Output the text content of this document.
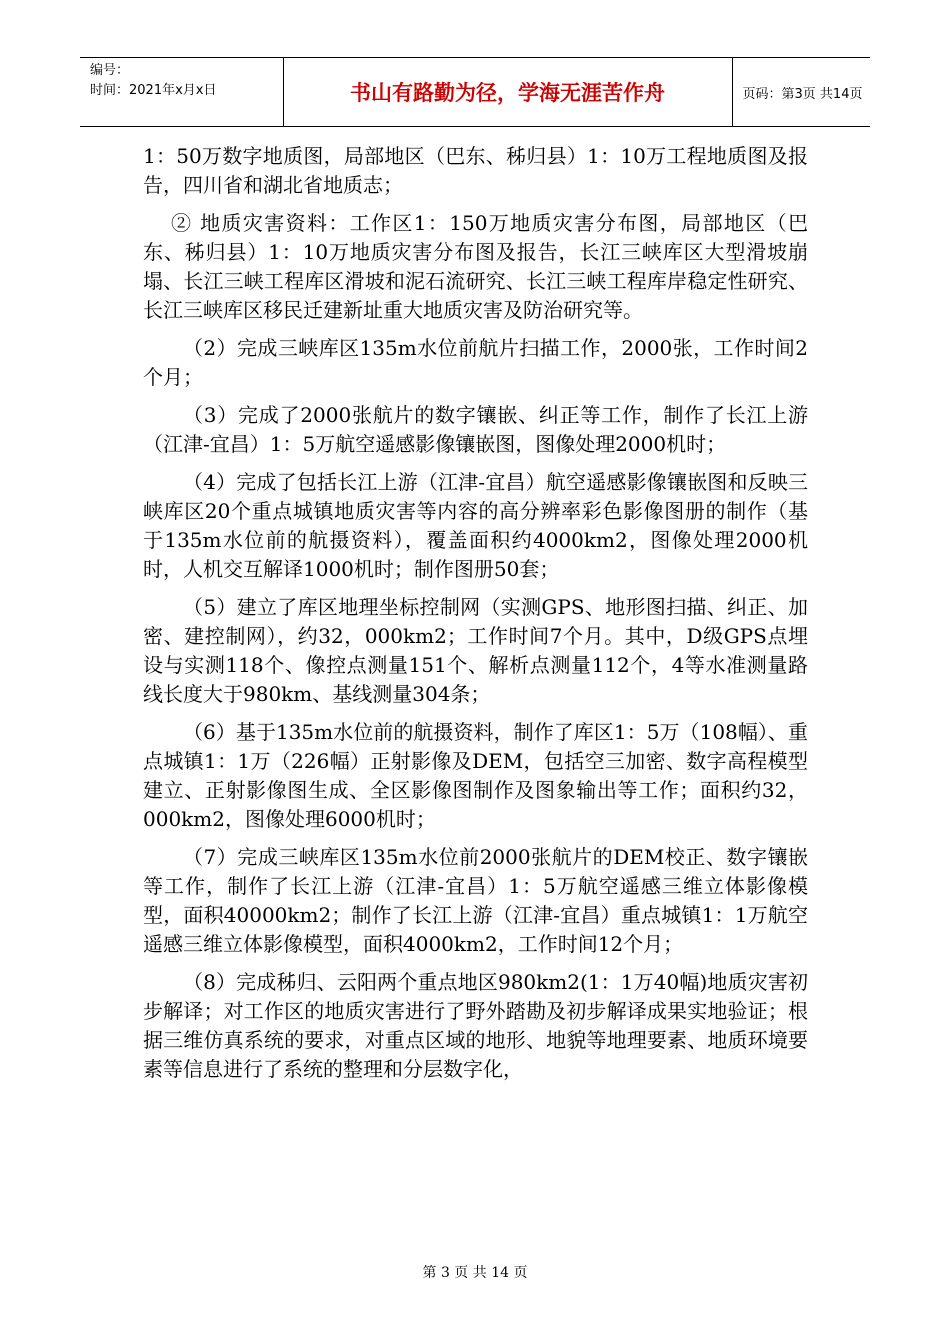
编号：
时间：2021年x月x日	书山有路勤为径，学海无涯苦作舟	页码：第3页 共14页

1：50万数字地质图，局部地区（巴东、秭归县）1：10万工程地质图及报告，四川省和湖北省地质志；

② 地质灾害资料：工作区1：150万地质灾害分布图，局部地区（巴东、秭归县）1：10万地质灾害分布图及报告，长江三峡库区大型滑坡崩塌、长江三峡工程库区滑坡和泥石流研究、长江三峡工程库岸稳定性研究、长江三峡库区移民迁建新址重大地质灾害及防治研究等。

（2）完成三峡库区135m水位前航片扫描工作，2000张，工作时间2个月；

（3）完成了2000张航片的数字镶嵌、纠正等工作，制作了长江上游（江津-宜昌）1：5万航空遥感影像镶嵌图，图像处理2000机时；

（4）完成了包括长江上游（江津-宜昌）航空遥感影像镶嵌图和反映三峡库区20个重点城镇地质灾害等内容的高分辨率彩色影像图册的制作（基于135m水位前的航摄资料），覆盖面积约4000km2，图像处理2000机时，人机交互解译1000机时；制作图册50套；

（5）建立了库区地理坐标控制网（实测GPS、地形图扫描、纠正、加密、建控制网），约32，000km2；工作时间7个月。其中，D级GPS点埋设与实测118个、像控点测量151个、解析点测量112个，4等水准测量路线长度大于980km、基线测量304条；

（6）基于135m水位前的航摄资料，制作了库区1：5万（108幅）、重点城镇1：1万（226幅）正射影像及DEM，包括空三加密、数字高程模型建立、正射影像图生成、全区影像图制作及图象输出等工作；面积约32，000km2，图像处理6000机时；

（7）完成三峡库区135m水位前2000张航片的DEM校正、数字镶嵌等工作，制作了长江上游（江津-宜昌）1：5万航空遥感三维立体影像模型，面积40000km2；制作了长江上游（江津-宜昌）重点城镇1：1万航空遥感三维立体影像模型，面积4000km2，工作时间12个月；

（8）完成秭归、云阳两个重点地区980km2(1：1万40幅)地质灾害初步解译；对工作区的地质灾害进行了野外踏勘及初步解译成果实地验证；根据三维仿真系统的要求，对重点区域的地形、地貌等地理要素、地质环境要素等信息进行了系统的整理和分层数字化，

第 3 页 共 14 页
